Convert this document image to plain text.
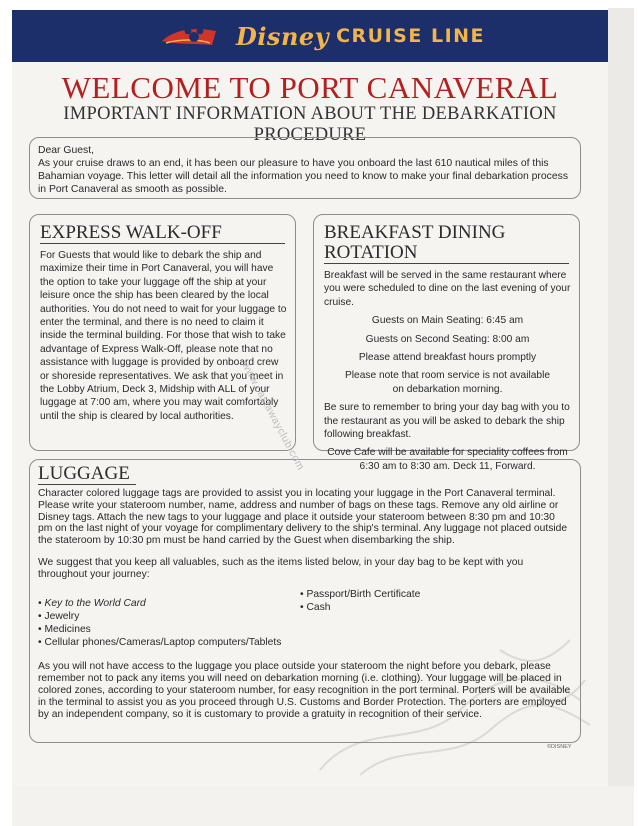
Disney CRUISE LINE
WELCOME TO PORT CANAVERAL
IMPORTANT INFORMATION ABOUT THE DEBARKATION PROCEDURE
Dear Guest,
As your cruise draws to an end, it has been our pleasure to have you onboard the last 610 nautical miles of this Bahamian voyage. This letter will detail all the information you need to know to make your final debarkation process in Port Canaveral as smooth as possible.
EXPRESS WALK-OFF
For Guests that would like to debark the ship and maximize their time in Port Canaveral, you will have the option to take your luggage off the ship at your leisure once the ship has been cleared by the local authorities. You do not need to wait for your luggage to enter the terminal, and there is no need to claim it inside the terminal building. For those that wish to take advantage of Express Walk-Off, please note that no assistance with luggage is provided by onboard crew or shoreside representatives. We ask that you meet in the Lobby Atrium, Deck 3, Midship with ALL of your luggage at 7:00 am, where you may wait comfortably until the ship is cleared by local authorities.
BREAKFAST DINING ROTATION
Breakfast will be served in the same restaurant where you were scheduled to dine on the last evening of your cruise.
Guests on Main Seating: 6:45 am
Guests on Second Seating: 8:00 am
Please attend breakfast hours promptly
Please note that room service is not available on debarkation morning.
Be sure to remember to bring your day bag with you to the restaurant as you will be asked to debark the ship following breakfast.
Cove Cafe will be available for speciality coffees from 6:30 am to 8:30 am. Deck 11, Forward.
LUGGAGE
Character colored luggage tags are provided to assist you in locating your luggage in the Port Canaveral terminal. Please write your stateroom number, name, address and number of bags on these tags. Remove any old airline or Disney tags. Attach the new tags to your luggage and place it outside your stateroom between 8:30 pm and 10:30 pm on the last night of your voyage for complimentary delivery to the ship's terminal. Any luggage not placed outside the stateroom by 10:30 pm must be hand carried by the Guest when disembarking the ship.
We suggest that you keep all valuables, such as the items listed below, in your day bag to be kept with you throughout your journey:
• Key to the World Card
• Jewelry
• Medicines
• Cellular phones/Cameras/Laptop computers/Tablets
• Passport/Birth Certificate
• Cash
As you will not have access to the luggage you place outside your stateroom the night before you debark, please remember not to pack any items you will need on debarkation morning (i.e. clothing). Your luggage will be placed in colored zones, according to your stateroom number, for easy recognition in the port terminal. Porters will be available in the terminal to assist you as you proceed through U.S. Customs and Border Protection. The porters are employed by an independent company, so it is customary to provide a gratuity in recognition of their service.
www.castawayclub.com
©DISNEY
